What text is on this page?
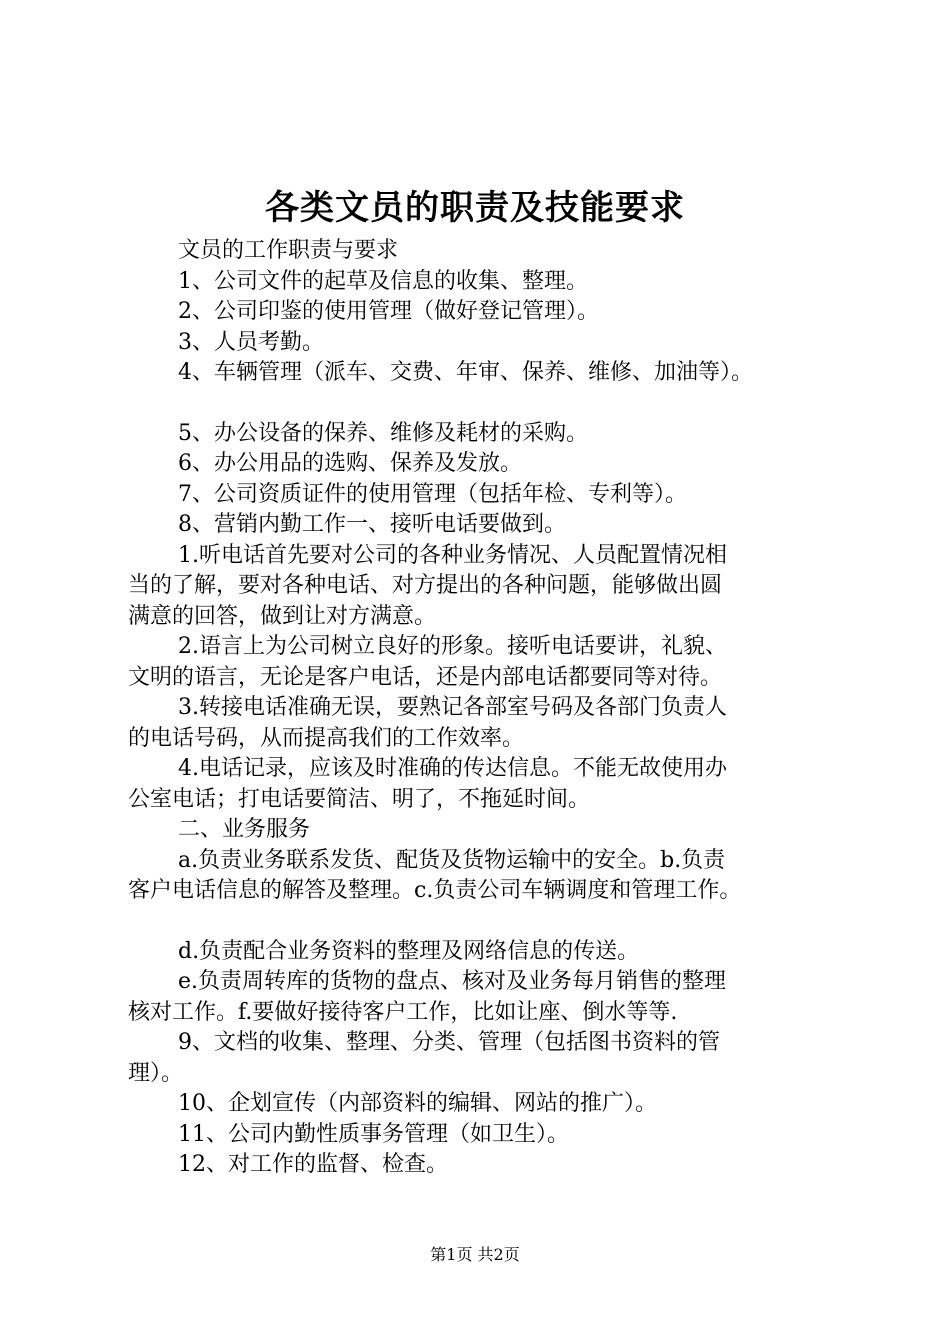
各类文员的职责及技能要求

文员的工作职责与要求

1、公司文件的起草及信息的收集、整理。

2、公司印鉴的使用管理（做好登记管理）。

3、人员考勤。

4、车辆管理（派车、交费、年审、保养、维修、加油等）。

5、办公设备的保养、维修及耗材的采购。

6、办公用品的选购、保养及发放。

7、公司资质证件的使用管理（包括年检、专利等）。

8、营销内勤工作一、接听电话要做到。

1.听电话首先要对公司的各种业务情况、人员配置情况相

当的了解，要对各种电话、对方提出的各种问题，能够做出圆

满意的回答，做到让对方满意。

2.语言上为公司树立良好的形象。接听电话要讲，礼貌、

文明的语言，无论是客户电话，还是内部电话都要同等对待。

3.转接电话准确无误，要熟记各部室号码及各部门负责人

的电话号码，从而提高我们的工作效率。

4.电话记录，应该及时准确的传达信息。不能无故使用办

公室电话；打电话要简洁、明了，不拖延时间。

二、业务服务

a.负责业务联系发货、配货及货物运输中的安全。b.负责

客户电话信息的解答及整理。c.负责公司车辆调度和管理工作。

d.负责配合业务资料的整理及网络信息的传送。

e.负责周转库的货物的盘点、核对及业务每月销售的整理

核对工作。f.要做好接待客户工作，比如让座、倒水等等.

9、文档的收集、整理、分类、管理（包括图书资料的管

理）。

10、企划宣传（内部资料的编辑、网站的推广）。

11、公司内勤性质事务管理（如卫生）。

12、对工作的监督、检查。

第1页 共2页
